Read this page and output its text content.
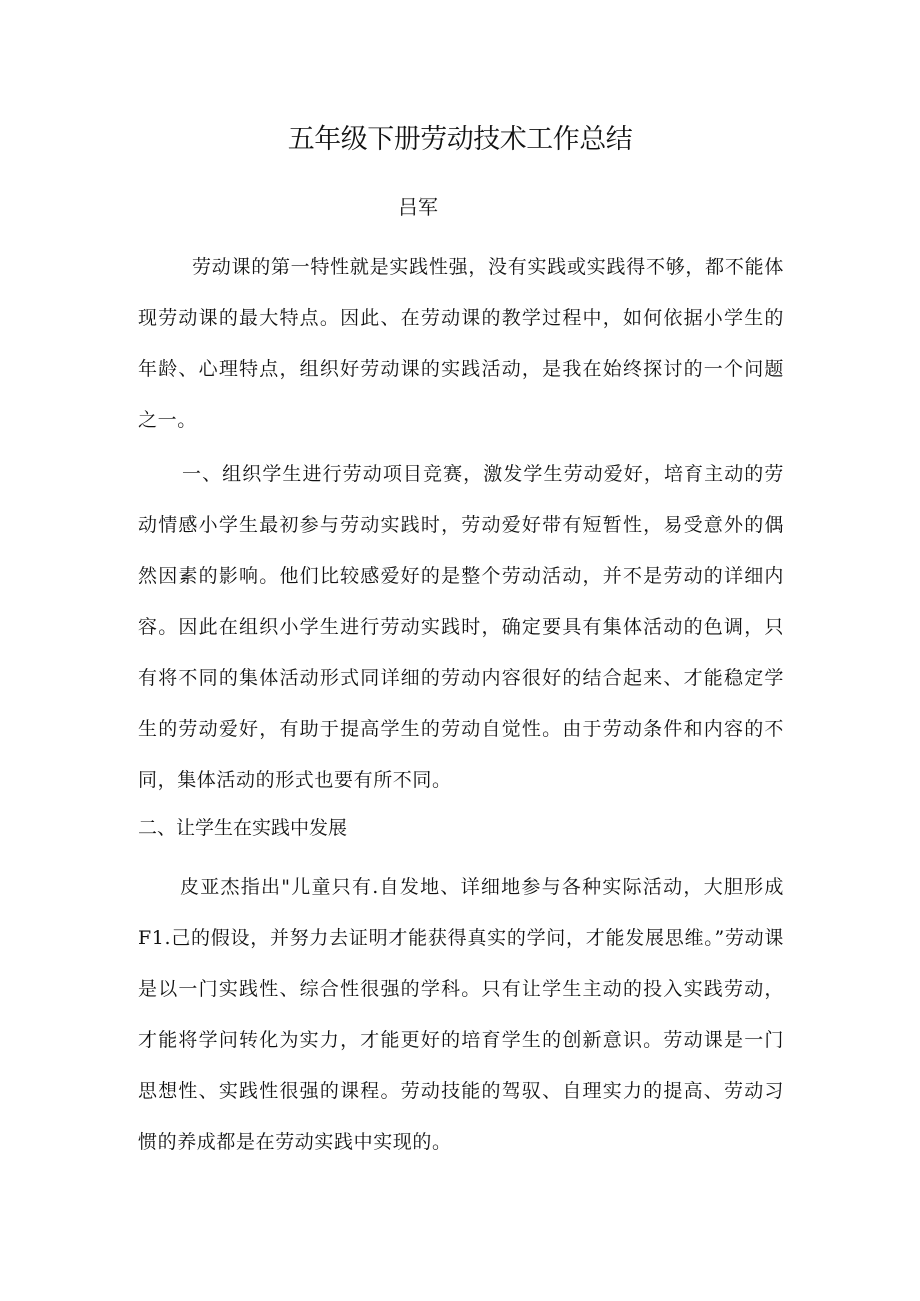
五年级下册劳动技术工作总结

吕军

劳动课的第一特性就是实践性强，没有实践或实践得不够，都不能体现劳动课的最大特点。因此、在劳动课的教学过程中，如何依据小学生的年龄、心理特点，组织好劳动课的实践活动，是我在始终探讨的一个问题之一。

一、组织学生进行劳动项目竞赛，激发学生劳动爱好，培育主动的劳动情感小学生最初参与劳动实践时，劳动爱好带有短暂性，易受意外的偶然因素的影响。他们比较感爱好的是整个劳动活动，并不是劳动的详细内容。因此在组织小学生进行劳动实践时，确定要具有集体活动的色调，只有将不同的集体活动形式同详细的劳动内容很好的结合起来、才能稳定学生的劳动爱好，有助于提高学生的劳动自觉性。由于劳动条件和内容的不同，集体活动的形式也要有所不同。

二、让学生在实践中发展

皮亚杰指出"儿童只有.自发地、详细地参与各种实际活动，大胆形成F1.己的假设，并努力去证明才能获得真实的学问，才能发展思维。”劳动课是以一门实践性、综合性很强的学科。只有让学生主动的投入实践劳动，才能将学问转化为实力，才能更好的培育学生的创新意识。劳动课是一门思想性、实践性很强的课程。劳动技能的驾驭、自理实力的提高、劳动习惯的养成都是在劳动实践中实现的。
